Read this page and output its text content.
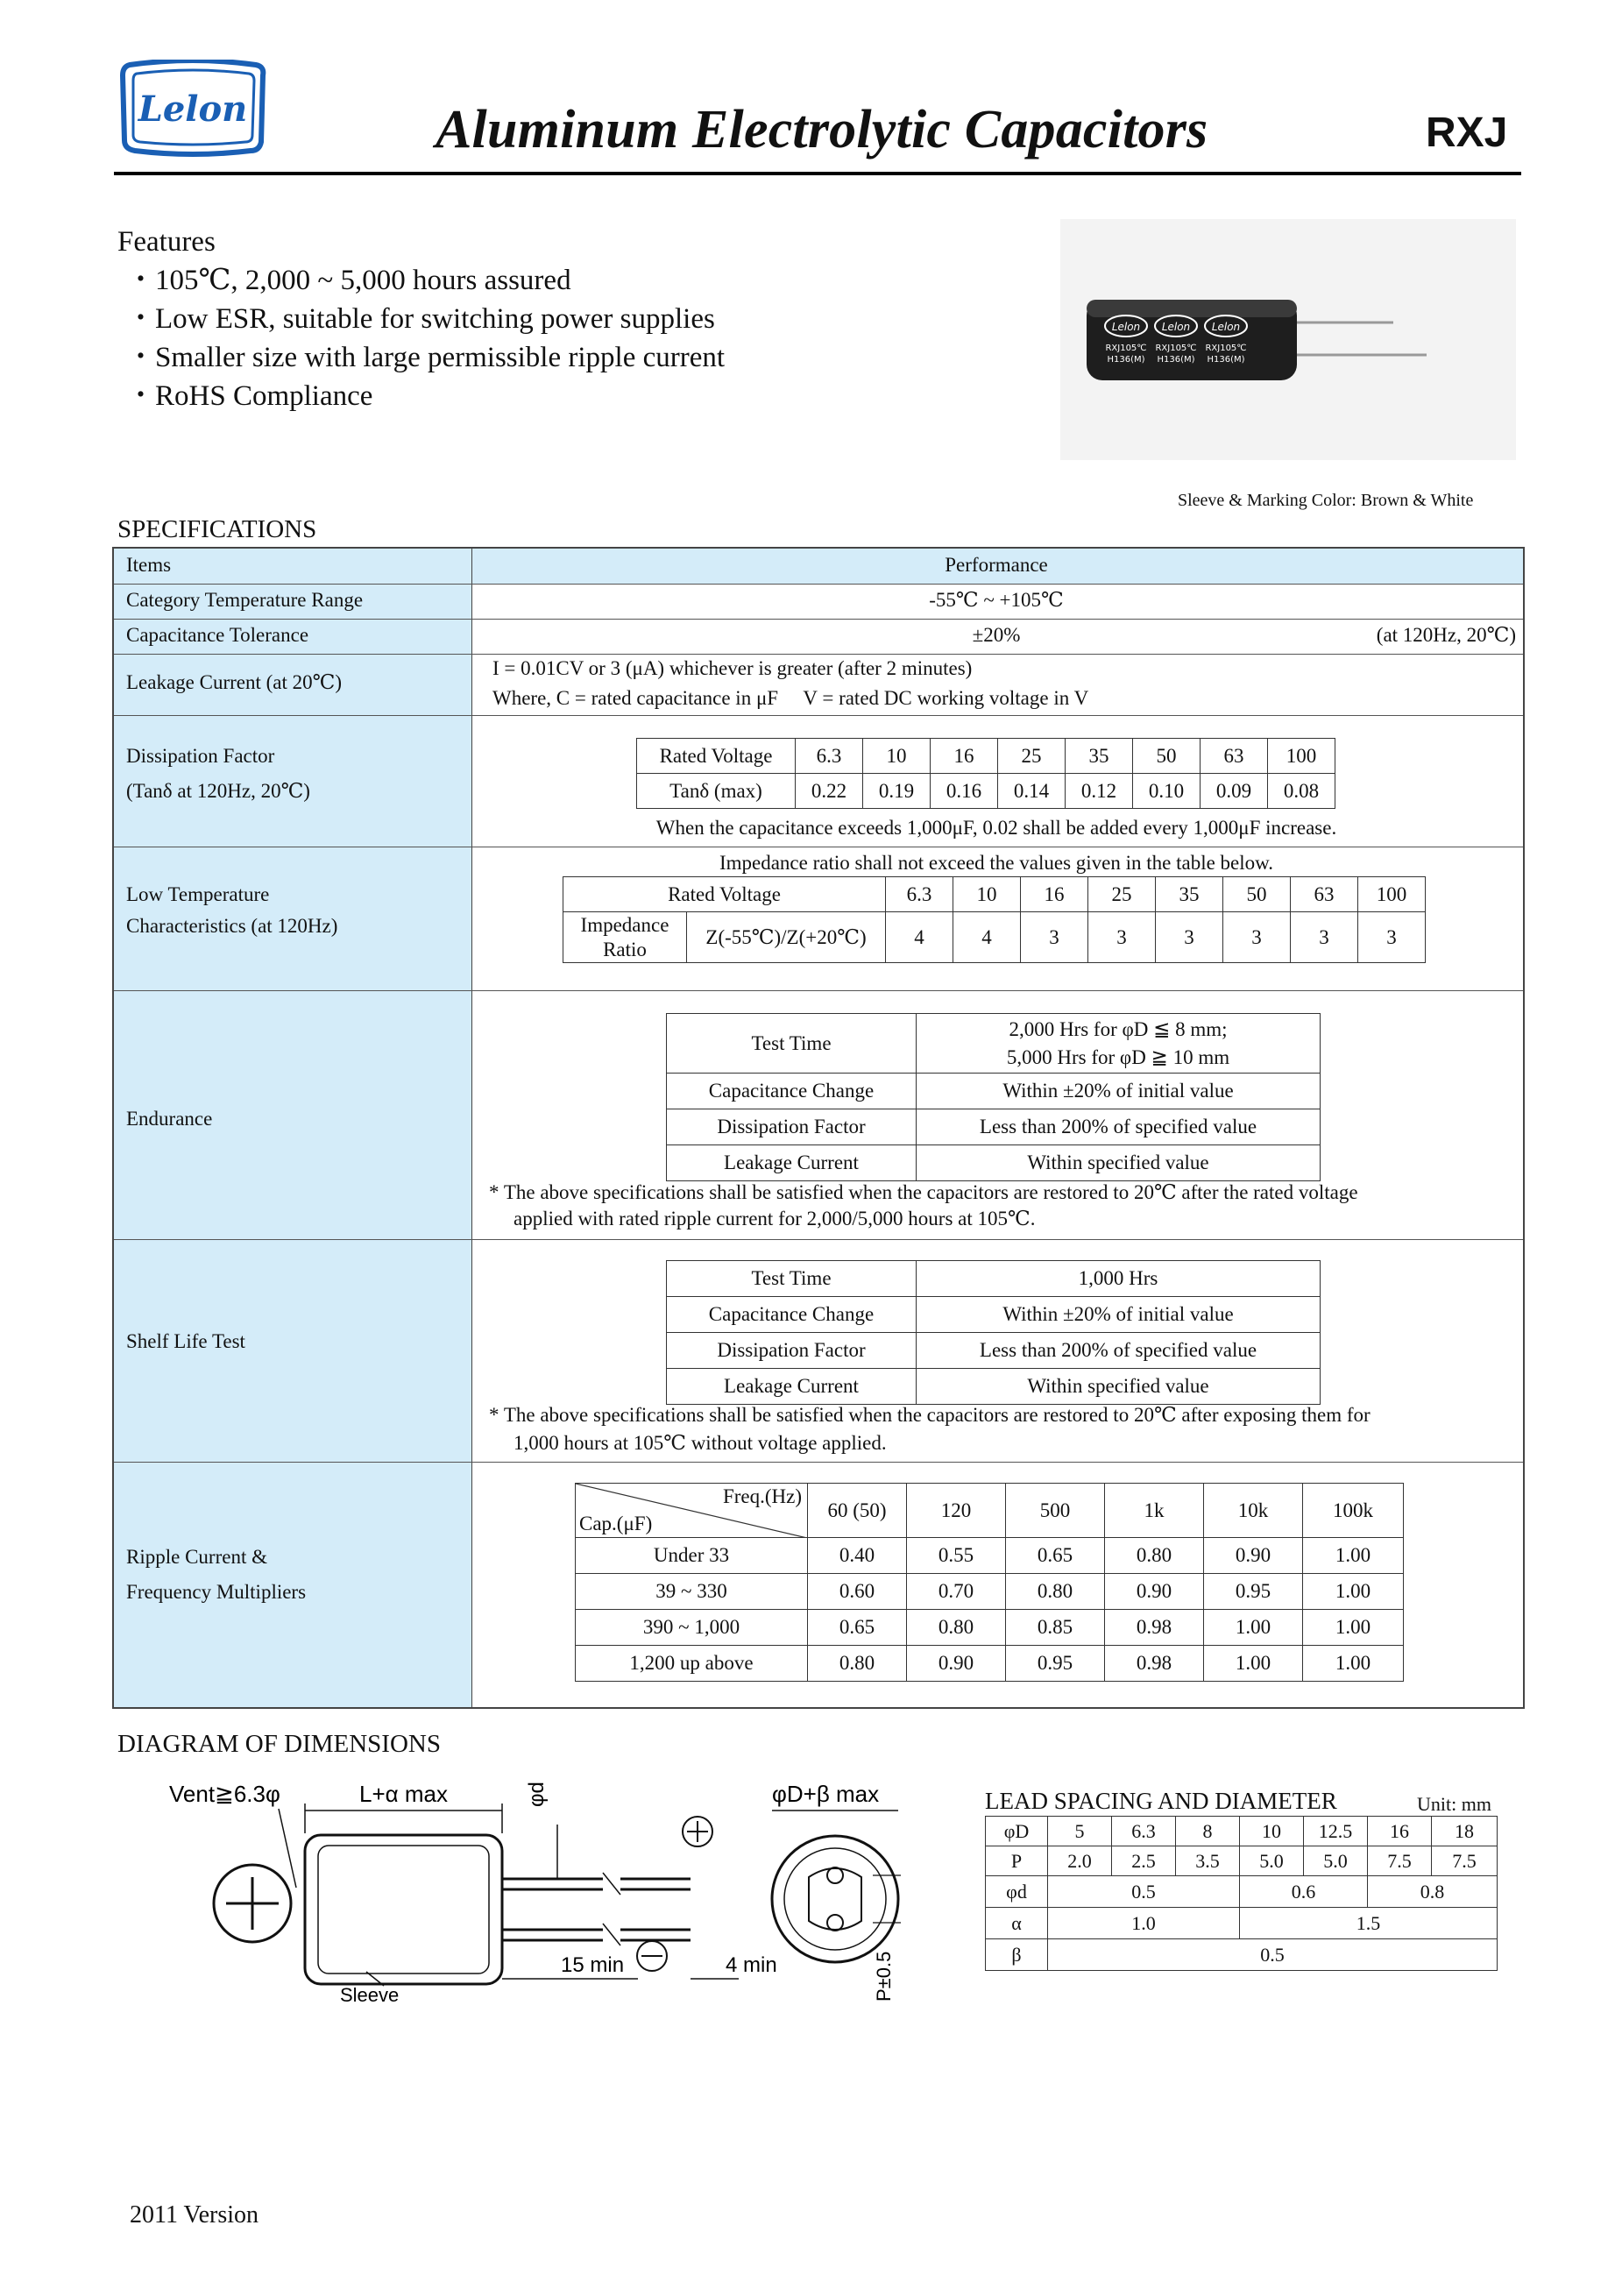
Lelon	Aluminum Electrolytic Capacitors	RXJ
Features
・105℃, 2,000 ~ 5,000 hours assured
・Low ESR, suitable for switching power supplies
・Smaller size with large permissible ripple current
・RoHS Compliance
Lelon Lelon Lelon
RXJ105℃ RXJ105℃ RXJ105℃
H136(M) H136(M) H136(M)
Sleeve & Marking Color: Brown & White
SPECIFICATIONS
Items	Performance
Category Temperature Range	-55℃ ~ +105℃
Capacitance Tolerance	±20%	(at 120Hz, 20℃)
Leakage Current (at 20℃)
I = 0.01CV or 3 (μA) whichever is greater (after 2 minutes)
Where, C = rated capacitance in μF     V = rated DC working voltage in V
Dissipation Factor
(Tanδ at 120Hz, 20℃)
Rated Voltage	6.3	10	16	25	35	50	63	100
Tanδ (max)	0.22	0.19	0.16	0.14	0.12	0.10	0.09	0.08
When the capacitance exceeds 1,000μF, 0.02 shall be added every 1,000μF increase.
Low Temperature
Characteristics (at 120Hz)
Impedance ratio shall not exceed the values given in the table below.
Rated Voltage		6.3	10	16	25	35	50	63	100

Impedance
Ratio	Z(-55℃)/Z(+20℃)	4	4	3	3	3	3	3	3
Endurance
Test Time	2,000 Hrs for φD ≦ 8 mm;
5,000 Hrs for φD ≧ 10 mm

Capacitance Change	Within ±20% of initial value
Dissipation Factor	Less than 200% of specified value
Leakage Current	Within specified value
* The above specifications shall be satisfied when the capacitors are restored to 20℃ after the rated voltage
applied with rated ripple current for 2,000/5,000 hours at 105℃.
Shelf Life Test
Test Time	1,000 Hrs
Capacitance Change	Within ±20% of initial value
Dissipation Factor	Less than 200% of specified value
Leakage Current	Within specified value
* The above specifications shall be satisfied when the capacitors are restored to 20℃ after exposing them for
1,000 hours at 105℃ without voltage applied.
Ripple Current &
Frequency Multipliers
Freq.(Hz)
Cap.(μF)	60 (50)	120	500	1k	10k	100k
Under 33	0.40	0.55	0.65	0.80	0.90	1.00
39 ~ 330	0.60	0.70	0.80	0.90	0.95	1.00
390 ~ 1,000	0.65	0.80	0.85	0.98	1.00	1.00
1,200 up above	0.80	0.90	0.95	0.98	1.00	1.00
DIAGRAM OF DIMENSIONS
Vent≧6.3φ	L+α max	φd
15 min	4 min
Sleeve
φD+β max
P±0.5
LEAD SPACING AND DIAMETER	Unit: mm
φD	5	6.3	8	10	12.5	16	18
P	2.0	2.5	3.5	5.0	5.0	7.5	7.5
φd	0.5			0.6		0.8	
α	1.0			1.5			
β	0.5						
2011 Version
